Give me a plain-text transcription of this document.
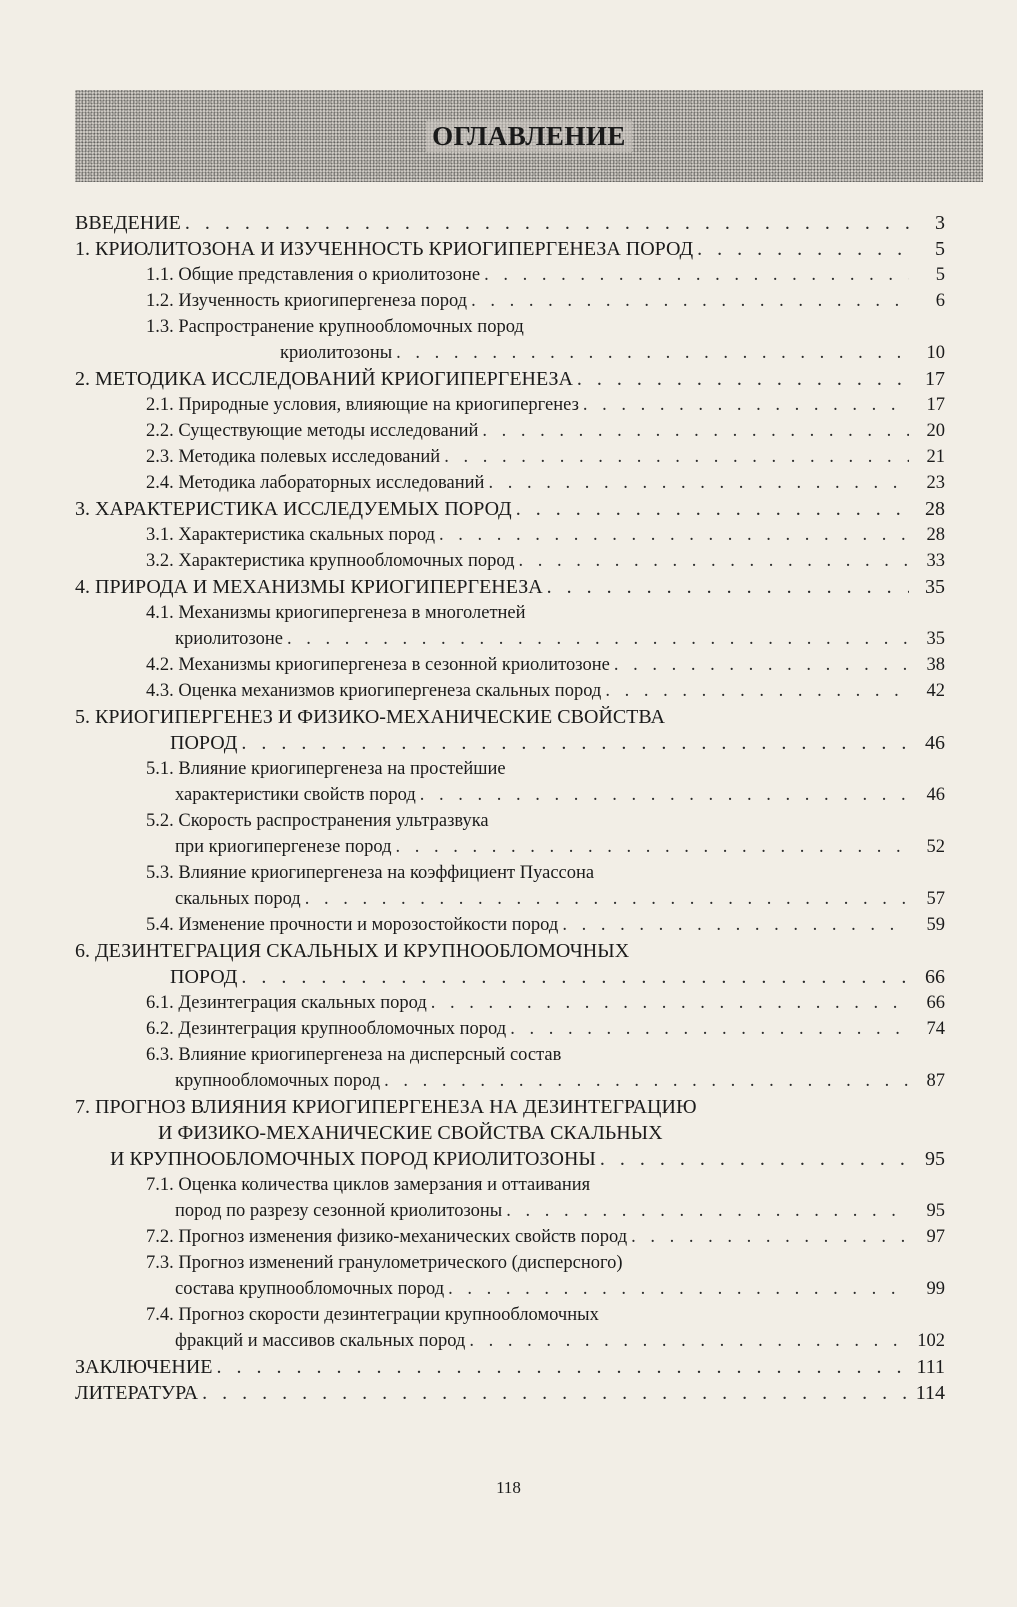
ОГЛАВЛЕНИЕ
ВВЕДЕНИЕ . . .	3
1. КРИОЛИТОЗОНА И ИЗУЧЕННОСТЬ КРИОГИПЕРГЕНЕЗА ПОРОД . . .	5
1.1. Общие представления о криолитозоне . . .	5
1.2. Изученность криогипергенеза пород . . .	6
1.3. Распространение крупнообломочных пород
криолитозоны . . .	10
2. МЕТОДИКА ИССЛЕДОВАНИЙ КРИОГИПЕРГЕНЕЗА . . .	17
2.1. Природные условия, влияющие на криогипергенез . . .	17
2.2. Существующие методы исследований . . .	20
2.3. Методика полевых исследований . . .	21
2.4. Методика лабораторных исследований . . .	23
3. ХАРАКТЕРИСТИКА ИССЛЕДУЕМЫХ ПОРОД . . .	28
3.1. Характеристика скальных пород . . .	28
3.2. Характеристика крупнообломочных пород . . .	33
4. ПРИРОДА И МЕХАНИЗМЫ КРИОГИПЕРГЕНЕЗА . . .	35
4.1. Механизмы криогипергенеза в многолетней
криолитозоне . . .	35
4.2. Механизмы криогипергенеза в сезонной криолитозоне . . .	38
4.3. Оценка механизмов криогипергенеза скальных пород . . .	42
5. КРИОГИПЕРГЕНЕЗ И ФИЗИКО-МЕХАНИЧЕСКИЕ СВОЙСТВА
ПОРОД . . .	46
5.1. Влияние криогипергенеза на простейшие
характеристики свойств пород . . .	46
5.2. Скорость распространения ультразвука
при криогипергенезе пород . . .	52
5.3. Влияние криогипергенеза на коэффициент Пуассона
скальных пород . . .	57
5.4. Изменение прочности и морозостойкости пород . . .	59
6. ДЕЗИНТЕГРАЦИЯ СКАЛЬНЫХ И КРУПНООБЛОМОЧНЫХ
ПОРОД . . .	66
6.1. Дезинтеграция скальных пород . . .	66
6.2. Дезинтеграция крупнообломочных пород . . .	74
6.3. Влияние криогипергенеза на дисперсный состав
крупнообломочных пород . . .	87
7. ПРОГНОЗ ВЛИЯНИЯ КРИОГИПЕРГЕНЕЗА НА ДЕЗИНТЕГРАЦИЮ
И ФИЗИКО-МЕХАНИЧЕСКИЕ СВОЙСТВА СКАЛЬНЫХ
И КРУПНООБЛОМОЧНЫХ ПОРОД КРИОЛИТОЗОНЫ . . .	95
7.1. Оценка количества циклов замерзания и оттаивания
пород по разрезу сезонной криолитозоны . . .	95
7.2. Прогноз изменения физико-механических свойств пород . . .	97
7.3. Прогноз изменений гранулометрического (дисперсного)
состава крупнообломочных пород . . .	99
7.4. Прогноз скорости дезинтеграции крупнообломочных
фракций и массивов скальных пород . . .	102
ЗАКЛЮЧЕНИЕ . . .	111
ЛИТЕРАТУРА . . .	114
118
